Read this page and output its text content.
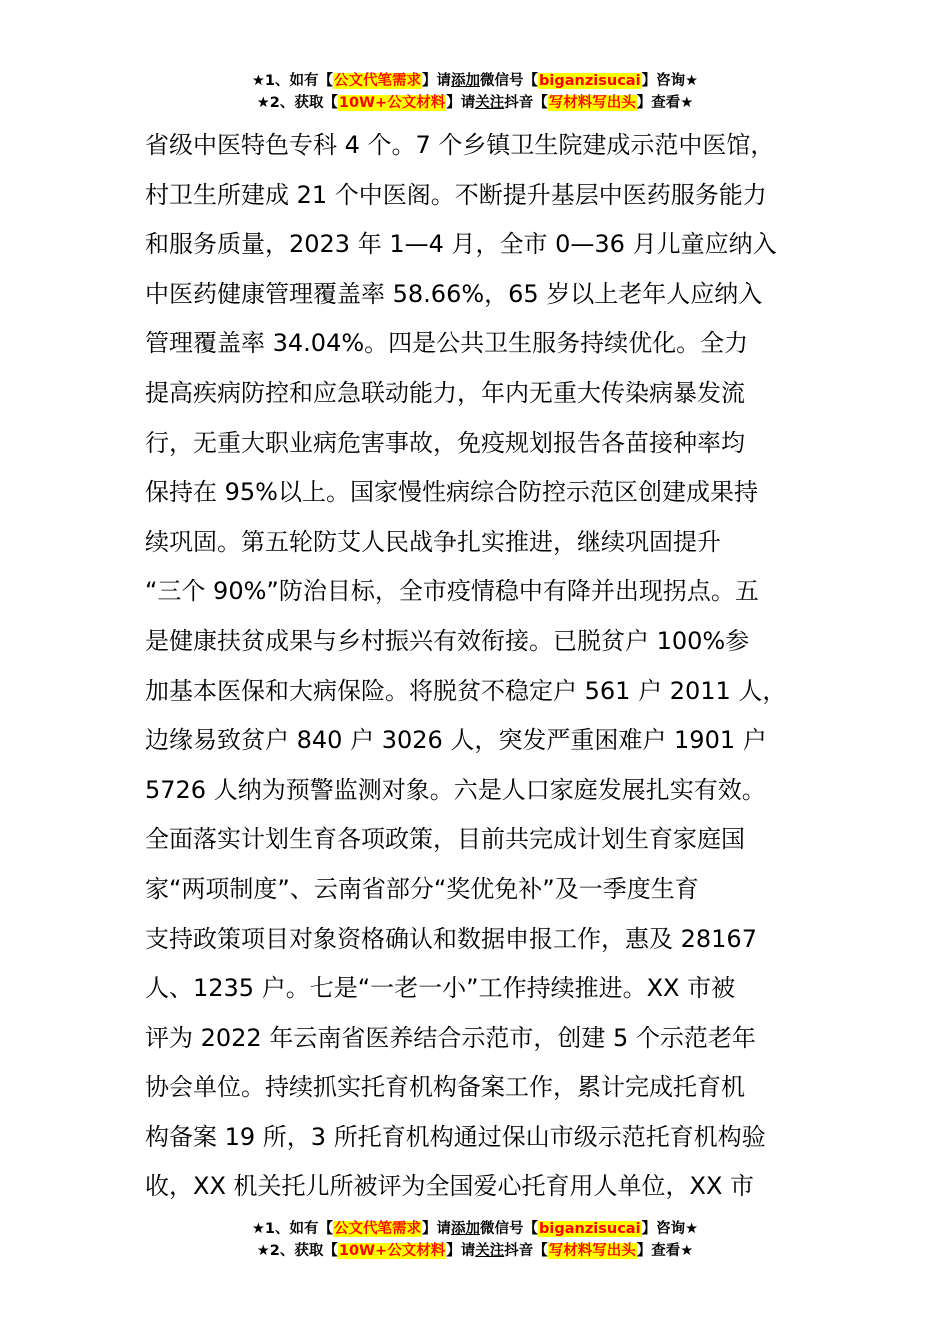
★1、如有【公文代笔需求】请添加微信号【biganzisucai】咨询★
★2、获取【10W+公文材料】请关注抖音【写材料写出头】查看★
省级中医特色专科 4 个。7 个乡镇卫生院建成示范中医馆，
村卫生所建成 21 个中医阁。不断提升基层中医药服务能力
和服务质量，2023 年 1—4 月，全市 0—36 月儿童应纳入
中医药健康管理覆盖率 58.66%，65 岁以上老年人应纳入
管理覆盖率 34.04%。四是公共卫生服务持续优化。全力
提高疾病防控和应急联动能力，年内无重大传染病暴发流
行，无重大职业病危害事故，免疫规划报告各苗接种率均
保持在 95%以上。国家慢性病综合防控示范区创建成果持
续巩固。第五轮防艾人民战争扎实推进，继续巩固提升
“三个 90%”防治目标，全市疫情稳中有降并出现拐点。五
是健康扶贫成果与乡村振兴有效衔接。已脱贫户 100%参
加基本医保和大病保险。将脱贫不稳定户 561 户 2011 人，
边缘易致贫户 840 户 3026 人，突发严重困难户 1901 户
5726 人纳为预警监测对象。六是人口家庭发展扎实有效。
全面落实计划生育各项政策，目前共完成计划生育家庭国
家“两项制度”、云南省部分“奖优免补”及一季度生育
支持政策项目对象资格确认和数据申报工作，惠及 28167
人、1235 户。七是“一老一小”工作持续推进。XX 市被
评为 2022 年云南省医养结合示范市，创建 5 个示范老年
协会单位。持续抓实托育机构备案工作，累计完成托育机
构备案 19 所，3 所托育机构通过保山市级示范托育机构验
收，XX 机关托儿所被评为全国爱心托育用人单位，XX 市
★1、如有【公文代笔需求】请添加微信号【biganzisucai】咨询★
★2、获取【10W+公文材料】请关注抖音【写材料写出头】查看★
